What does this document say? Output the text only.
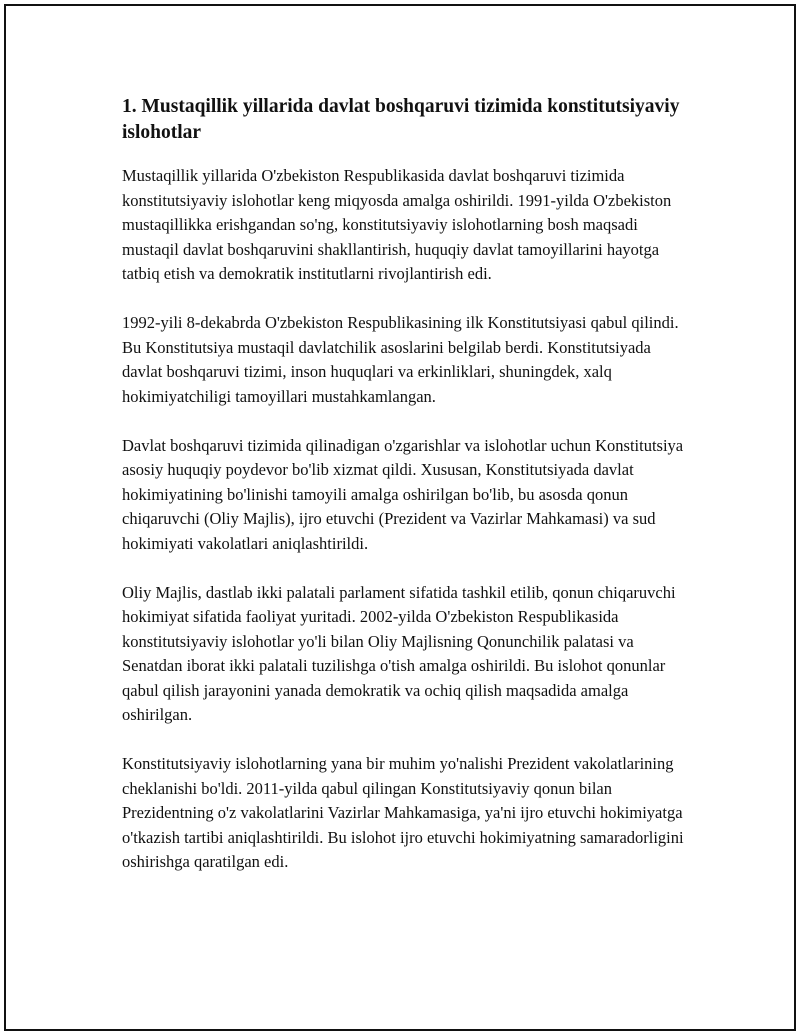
1. Mustaqillik yillarida davlat boshqaruvi tizimida konstitutsiyaviy islohotlar

Mustaqillik yillarida O'zbekiston Respublikasida davlat boshqaruvi tizimida konstitutsiyaviy islohotlar keng miqyosda amalga oshirildi. 1991-yilda O'zbekiston mustaqillikka erishgandan so'ng, konstitutsiyaviy islohotlarning bosh maqsadi mustaqil davlat boshqaruvini shakllantirish, huquqiy davlat tamoyillarini hayotga tatbiq etish va demokratik institutlarni rivojlantirish edi.

1992-yili 8-dekabrda O'zbekiston Respublikasining ilk Konstitutsiyasi qabul qilindi. Bu Konstitutsiya mustaqil davlatchilik asoslarini belgilab berdi. Konstitutsiyada davlat boshqaruvi tizimi, inson huquqlari va erkinliklari, shuningdek, xalq hokimiyatchiligi tamoyillari mustahkamlangan.

Davlat boshqaruvi tizimida qilinadigan o'zgarishlar va islohotlar uchun Konstitutsiya asosiy huquqiy poydevor bo'lib xizmat qildi. Xususan, Konstitutsiyada davlat hokimiyatining bo'linishi tamoyili amalga oshirilgan bo'lib, bu asosda qonun chiqaruvchi (Oliy Majlis), ijro etuvchi (Prezident va Vazirlar Mahkamasi) va sud hokimiyati vakolatlari aniqlashtirildi.

Oliy Majlis, dastlab ikki palatali parlament sifatida tashkil etilib, qonun chiqaruvchi hokimiyat sifatida faoliyat yuritadi. 2002-yilda O'zbekiston Respublikasida konstitutsiyaviy islohotlar yo'li bilan Oliy Majlisning Qonunchilik palatasi va Senatdan iborat ikki palatali tuzilishga o'tish amalga oshirildi. Bu islohot qonunlar qabul qilish jarayonini yanada demokratik va ochiq qilish maqsadida amalga oshirilgan.

Konstitutsiyaviy islohotlarning yana bir muhim yo'nalishi Prezident vakolatlarining cheklanishi bo'ldi. 2011-yilda qabul qilingan Konstitutsiyaviy qonun bilan Prezidentning o'z vakolatlarini Vazirlar Mahkamasiga, ya'ni ijro etuvchi hokimiyatga o'tkazish tartibi aniqlashtirildi. Bu islohot ijro etuvchi hokimiyatning samaradorligini oshirishga qaratilgan edi.
